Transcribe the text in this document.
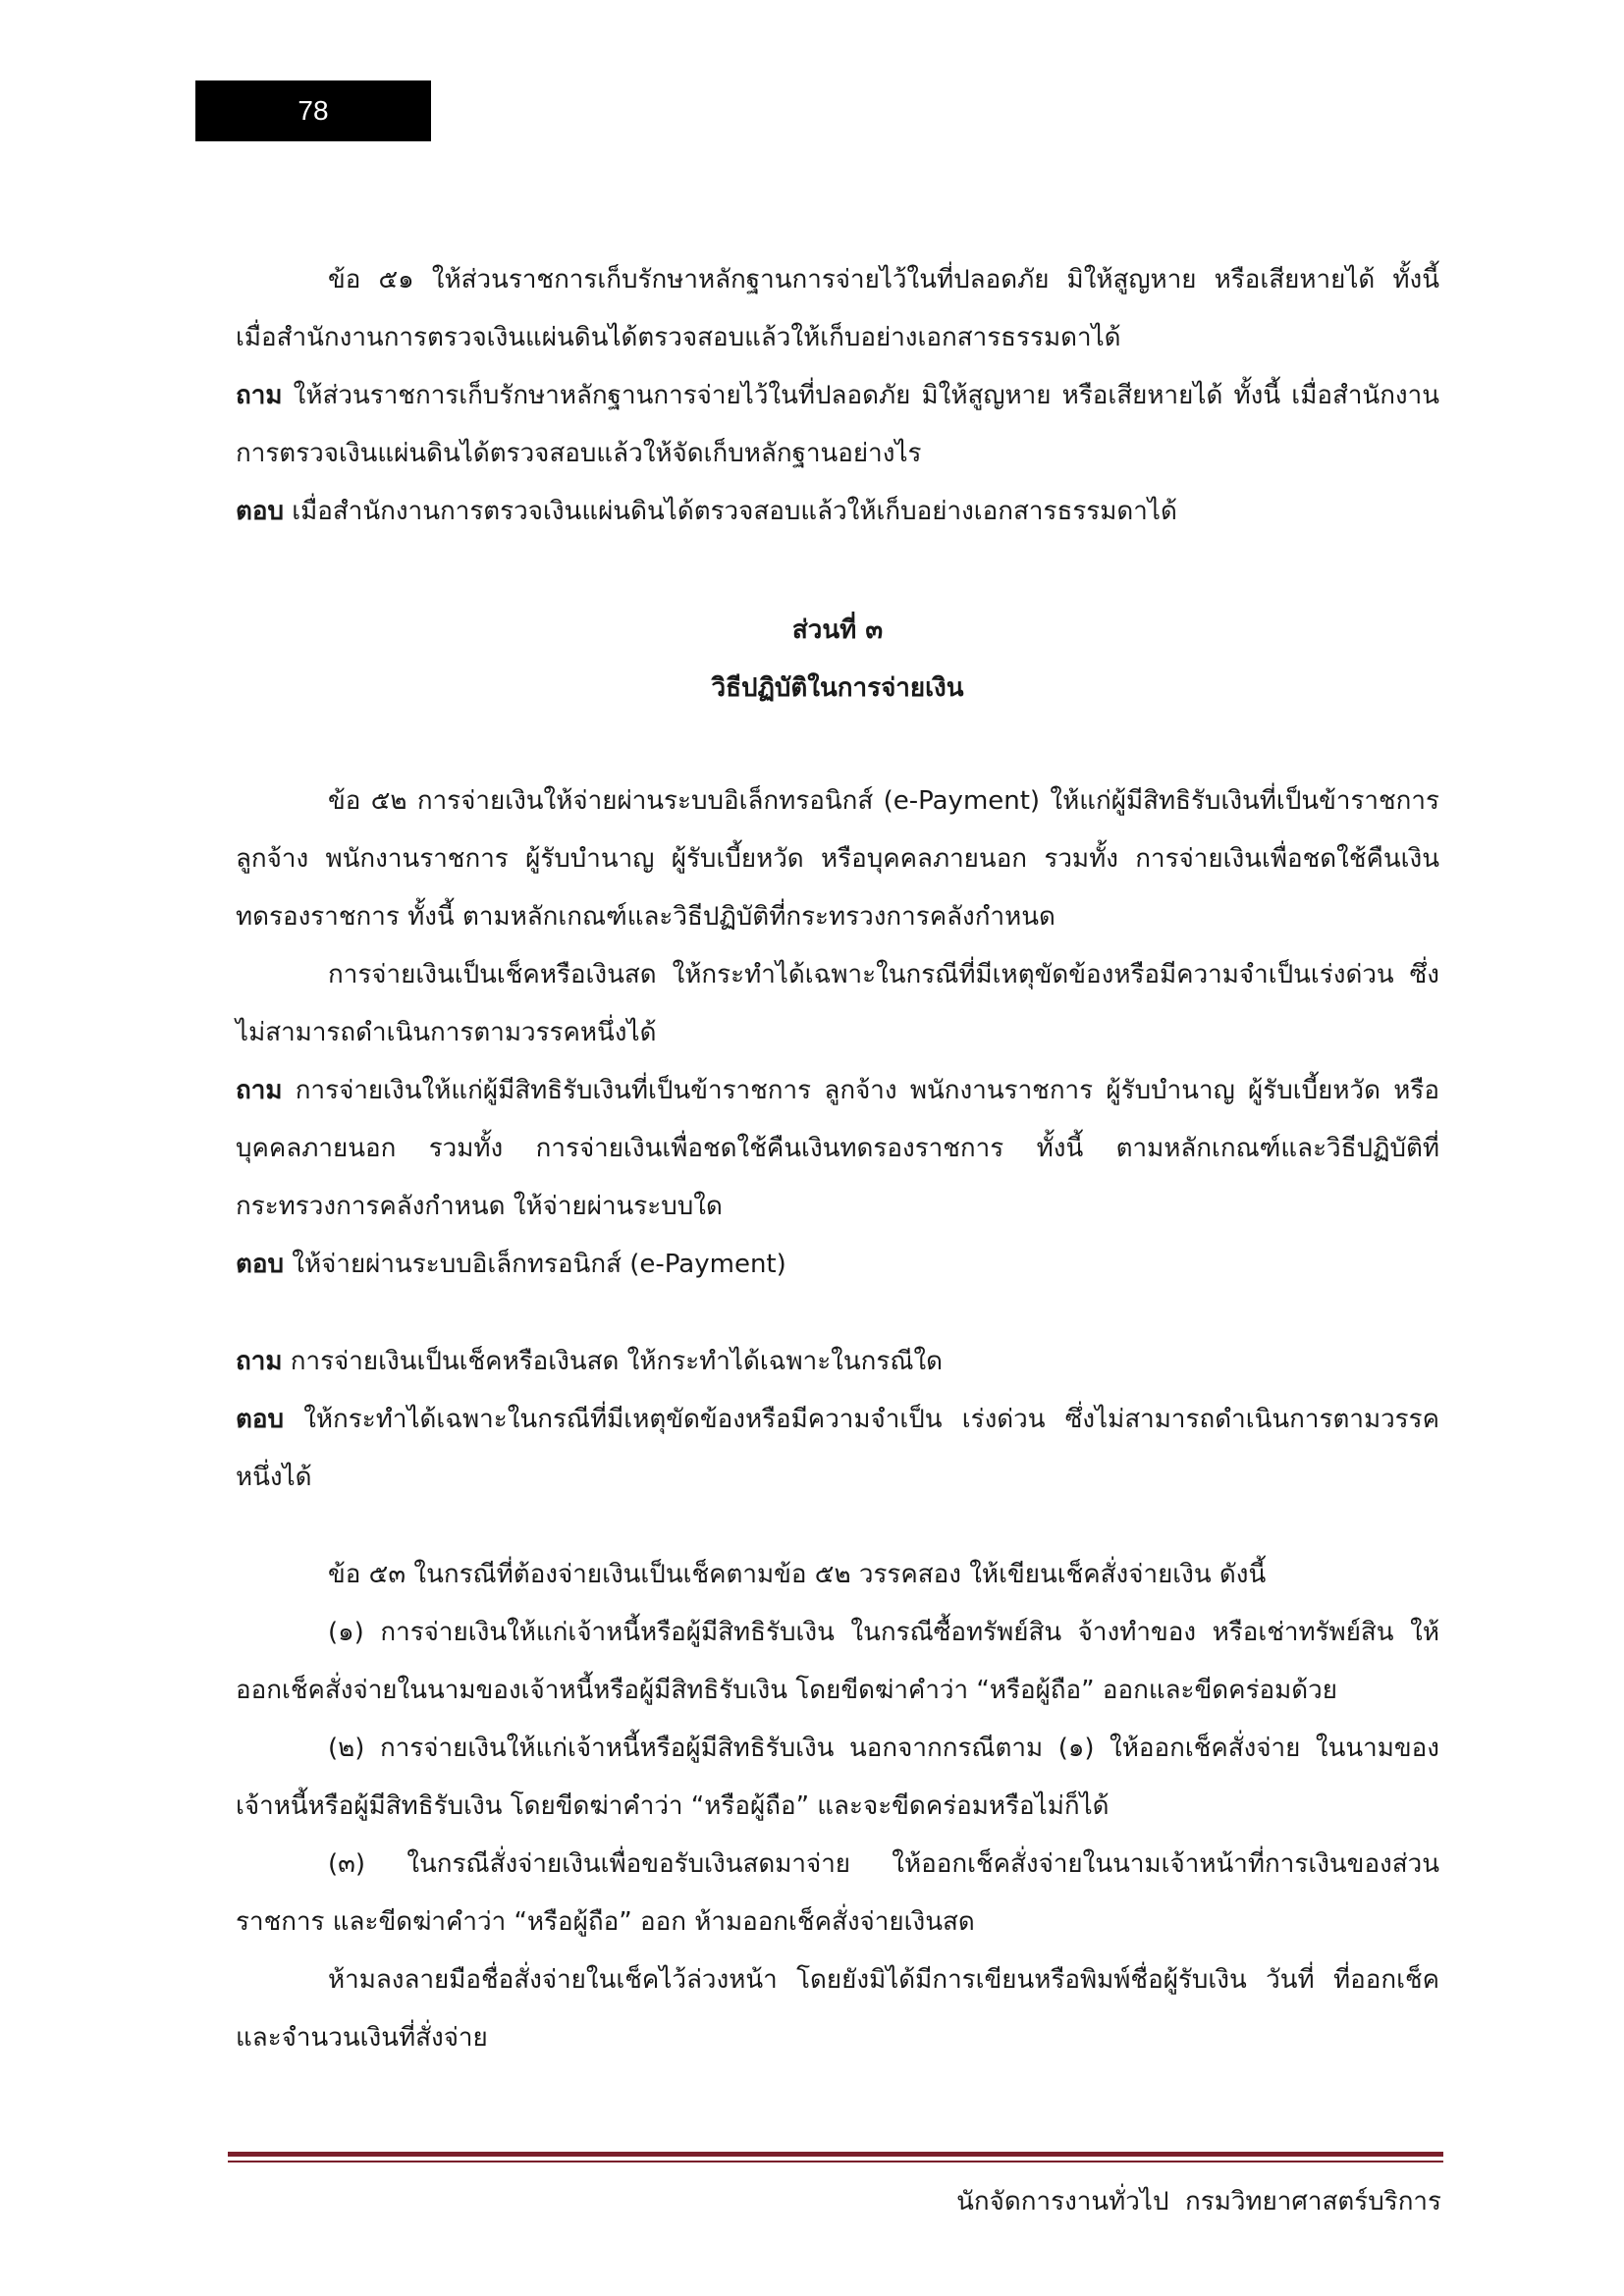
78

ข้อ ๕๑ ให้ส่วนราชการเก็บรักษาหลักฐานการจ่ายไว้ในที่ปลอดภัย มิให้สูญหาย หรือเสียหายได้ ทั้งนี้ เมื่อสำนักงานการตรวจเงินแผ่นดินได้ตรวจสอบแล้วให้เก็บอย่างเอกสารธรรมดาได้

ถาม ให้ส่วนราชการเก็บรักษาหลักฐานการจ่ายไว้ในที่ปลอดภัย มิให้สูญหาย หรือเสียหายได้ ทั้งนี้ เมื่อสำนักงานการตรวจเงินแผ่นดินได้ตรวจสอบแล้วให้จัดเก็บหลักฐานอย่างไร

ตอบ เมื่อสำนักงานการตรวจเงินแผ่นดินได้ตรวจสอบแล้วให้เก็บอย่างเอกสารธรรมดาได้

ส่วนที่ ๓

วิธีปฏิบัติในการจ่ายเงิน

ข้อ ๕๒ การจ่ายเงินให้จ่ายผ่านระบบอิเล็กทรอนิกส์ (e-Payment) ให้แก่ผู้มีสิทธิรับเงินที่เป็นข้าราชการ ลูกจ้าง พนักงานราชการ ผู้รับบำนาญ ผู้รับเบี้ยหวัด หรือบุคคลภายนอก รวมทั้ง การจ่ายเงินเพื่อชดใช้คืนเงินทดรองราชการ ทั้งนี้ ตามหลักเกณฑ์และวิธีปฏิบัติที่กระทรวงการคลังกำหนด

การจ่ายเงินเป็นเช็คหรือเงินสด ให้กระทำได้เฉพาะในกรณีที่มีเหตุขัดข้องหรือมีความจำเป็นเร่งด่วน ซึ่งไม่สามารถดำเนินการตามวรรคหนึ่งได้

ถาม การจ่ายเงินให้แก่ผู้มีสิทธิรับเงินที่เป็นข้าราชการ ลูกจ้าง พนักงานราชการ ผู้รับบำนาญ ผู้รับเบี้ยหวัด หรือบุคคลภายนอก รวมทั้ง การจ่ายเงินเพื่อชดใช้คืนเงินทดรองราชการ ทั้งนี้ ตามหลักเกณฑ์และวิธีปฏิบัติที่กระทรวงการคลังกำหนด ให้จ่ายผ่านระบบใด

ตอบ ให้จ่ายผ่านระบบอิเล็กทรอนิกส์ (e-Payment)

ถาม การจ่ายเงินเป็นเช็คหรือเงินสด ให้กระทำได้เฉพาะในกรณีใด

ตอบ ให้กระทำได้เฉพาะในกรณีที่มีเหตุขัดข้องหรือมีความจำเป็น เร่งด่วน ซึ่งไม่สามารถดำเนินการตามวรรคหนึ่งได้

ข้อ ๕๓ ในกรณีที่ต้องจ่ายเงินเป็นเช็คตามข้อ ๕๒ วรรคสอง ให้เขียนเช็คสั่งจ่ายเงิน ดังนี้

(๑) การจ่ายเงินให้แก่เจ้าหนี้หรือผู้มีสิทธิรับเงิน ในกรณีซื้อทรัพย์สิน จ้างทำของ หรือเช่าทรัพย์สิน ให้ออกเช็คสั่งจ่ายในนามของเจ้าหนี้หรือผู้มีสิทธิรับเงิน โดยขีดฆ่าคำว่า “หรือผู้ถือ” ออกและขีดคร่อมด้วย

(๒) การจ่ายเงินให้แก่เจ้าหนี้หรือผู้มีสิทธิรับเงิน นอกจากกรณีตาม (๑) ให้ออกเช็คสั่งจ่าย ในนามของเจ้าหนี้หรือผู้มีสิทธิรับเงิน โดยขีดฆ่าคำว่า “หรือผู้ถือ” และจะขีดคร่อมหรือไม่ก็ได้

(๓) ในกรณีสั่งจ่ายเงินเพื่อขอรับเงินสดมาจ่าย ให้ออกเช็คสั่งจ่ายในนามเจ้าหน้าที่การเงินของส่วนราชการ และขีดฆ่าคำว่า “หรือผู้ถือ” ออก ห้ามออกเช็คสั่งจ่ายเงินสด

ห้ามลงลายมือชื่อสั่งจ่ายในเช็คไว้ล่วงหน้า โดยยังมิได้มีการเขียนหรือพิมพ์ชื่อผู้รับเงิน วันที่ ที่ออกเช็ค และจำนวนเงินที่สั่งจ่าย

นักจัดการงานทั่วไป  กรมวิทยาศาสตร์บริการ
